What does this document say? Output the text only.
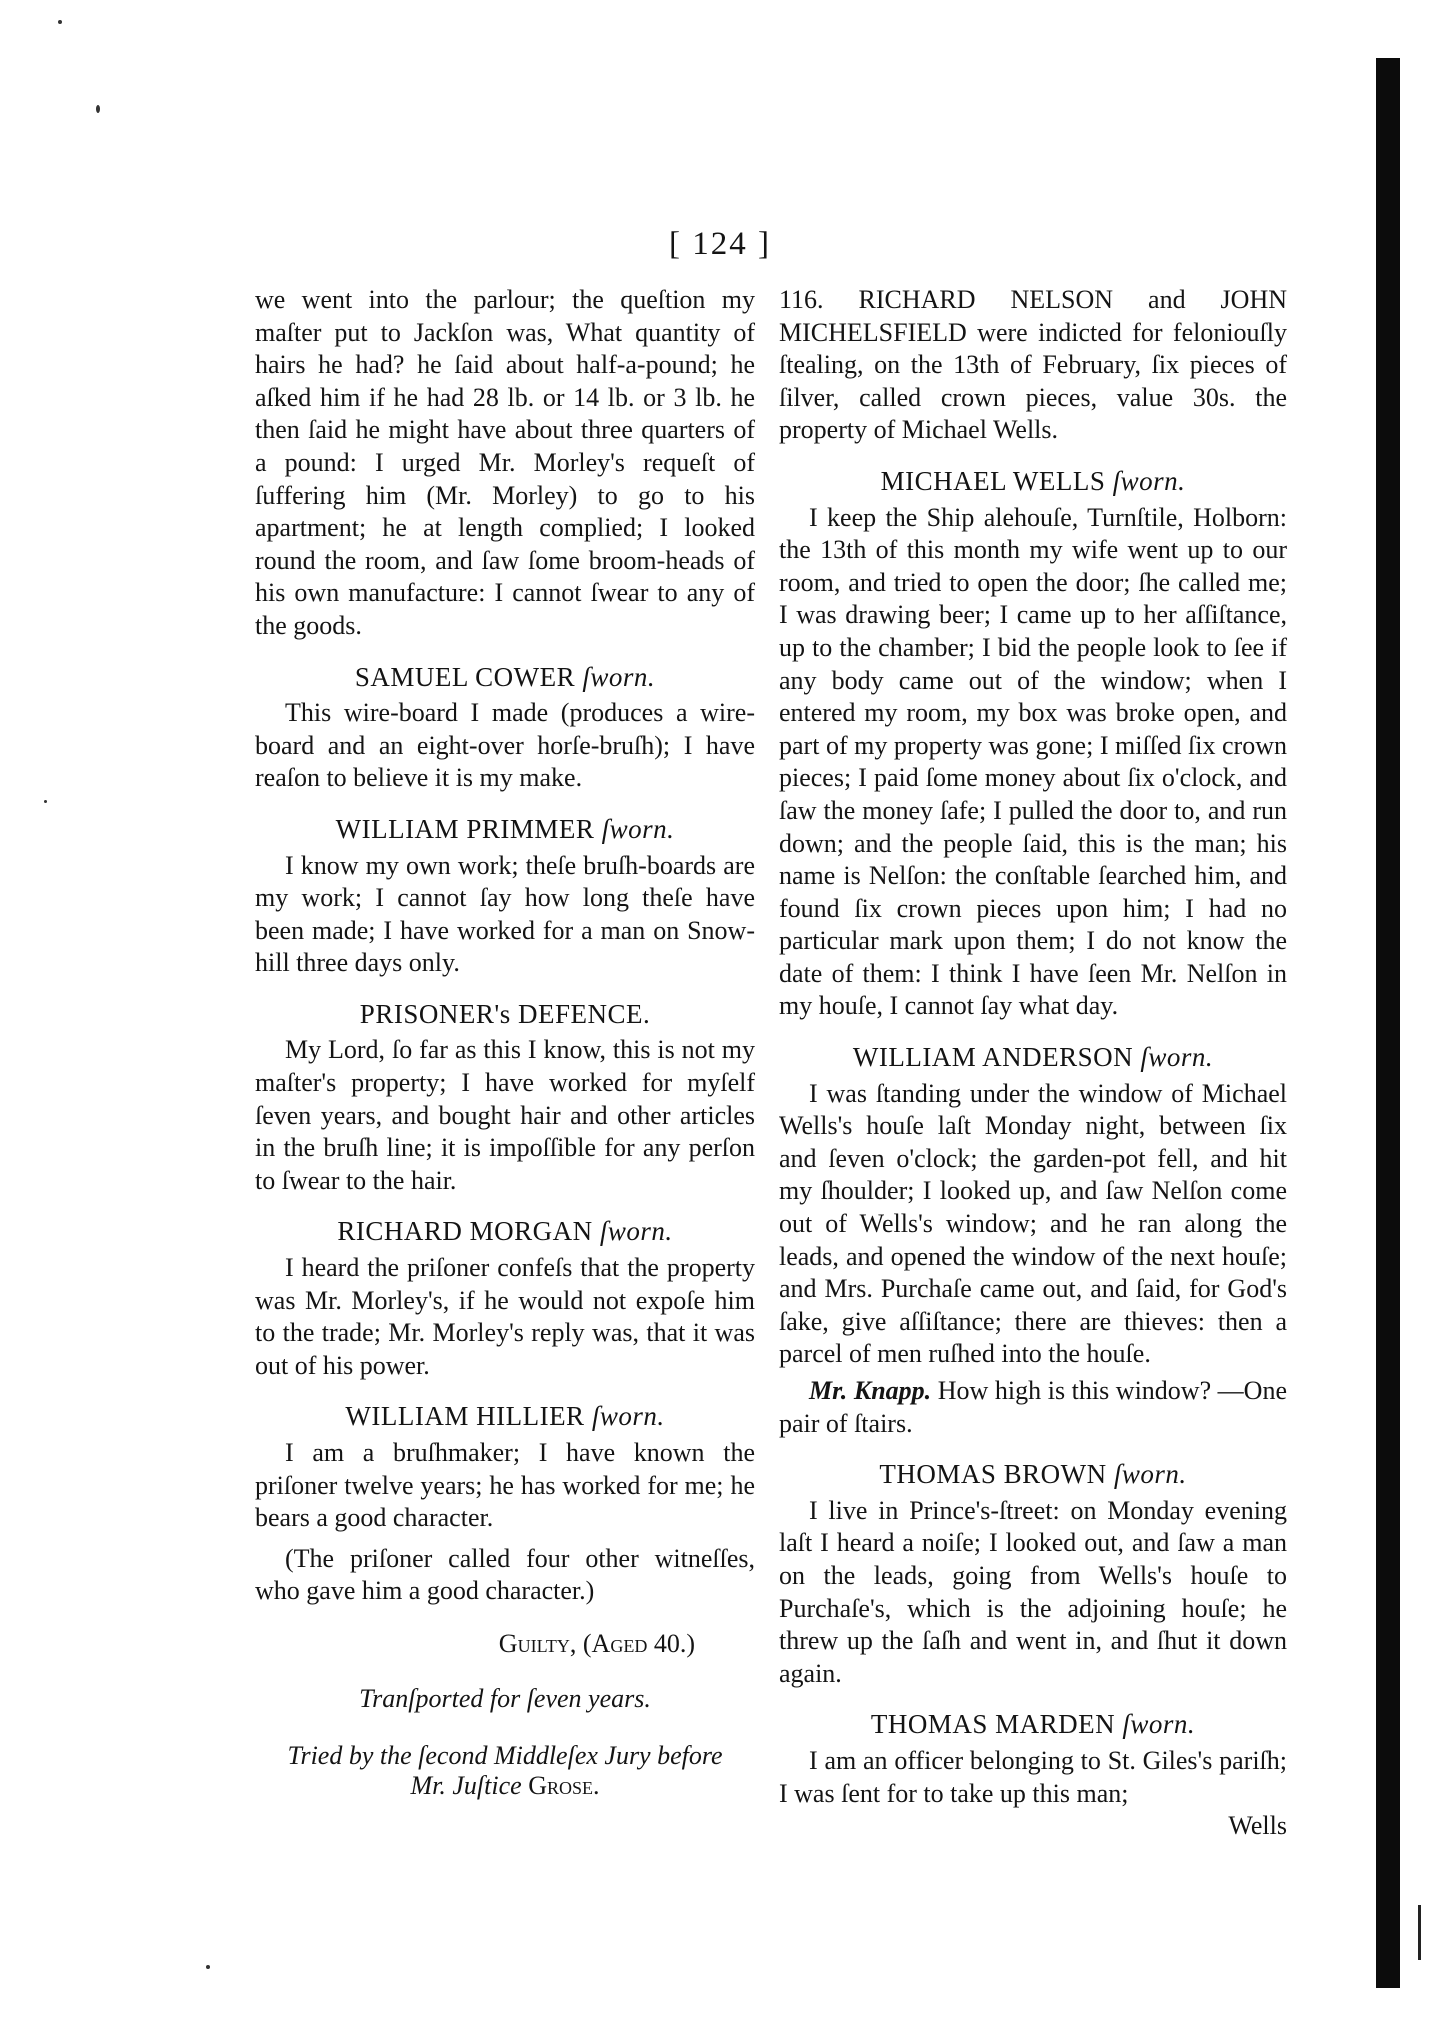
[ 124 ]

we went into the parlour; the queſtion my maſter put to Jackſon was, What quantity of hairs he had? he ſaid about half-a-pound; he aſked him if he had 28 lb. or 14 lb. or 3 lb. he then ſaid he might have about three quarters of a pound: I urged Mr. Morley's requeſt of ſuffering him (Mr. Morley) to go to his apartment; he at length complied; I looked round the room, and ſaw ſome broom-heads of his own manufacture: I cannot ſwear to any of the goods.

SAMUEL COWER ſworn.

This wire-board I made (produces a wire-board and an eight-over horſe-bruſh); I have reaſon to believe it is my make.

WILLIAM PRIMMER ſworn.

I know my own work; theſe bruſh-boards are my work; I cannot ſay how long theſe have been made; I have worked for a man on Snow-hill three days only.

PRISONER's DEFENCE.

My Lord, ſo far as this I know, this is not my maſter's property; I have worked for myſelf ſeven years, and bought hair and other articles in the bruſh line; it is impoſſible for any perſon to ſwear to the hair.

RICHARD MORGAN ſworn.

I heard the priſoner confeſs that the property was Mr. Morley's, if he would not expoſe him to the trade; Mr. Morley's reply was, that it was out of his power.

WILLIAM HILLIER ſworn.

I am a bruſhmaker; I have known the priſoner twelve years; he has worked for me; he bears a good character.

(The priſoner called four other witneſſes, who gave him a good character.)

Guilty, (Aged 40.)
Tranſported for ſeven years.
Tried by the ſecond Middleſex Jury before
Mr. Juſtice Grose.

116. RICHARD NELSON and JOHN MICHELSFIELD were indicted for feloniouſly ſtealing, on the 13th of February, ſix pieces of ſilver, called crown pieces, value 30s. the property of Michael Wells.

MICHAEL WELLS ſworn.

I keep the Ship alehouſe, Turnſtile, Holborn: the 13th of this month my wife went up to our room, and tried to open the door; ſhe called me; I was drawing beer; I came up to her aſſiſtance, up to the chamber; I bid the people look to ſee if any body came out of the window; when I entered my room, my box was broke open, and part of my property was gone; I miſſed ſix crown pieces; I paid ſome money about ſix o'clock, and ſaw the money ſafe; I pulled the door to, and run down; and the people ſaid, this is the man; his name is Nelſon: the conſtable ſearched him, and found ſix crown pieces upon him; I had no particular mark upon them; I do not know the date of them: I think I have ſeen Mr. Nelſon in my houſe, I cannot ſay what day.

WILLIAM ANDERSON ſworn.

I was ſtanding under the window of Michael Wells's houſe laſt Monday night, between ſix and ſeven o'clock; the garden-pot fell, and hit my ſhoulder; I looked up, and ſaw Nelſon come out of Wells's window; and he ran along the leads, and opened the window of the next houſe; and Mrs. Purchaſe came out, and ſaid, for God's ſake, give aſſiſtance; there are thieves: then a parcel of men ruſhed into the houſe.

Mr. Knapp. How high is this window? —One pair of ſtairs.

THOMAS BROWN ſworn.

I live in Prince's-ſtreet: on Monday evening laſt I heard a noiſe; I looked out, and ſaw a man on the leads, going from Wells's houſe to Purchaſe's, which is the adjoining houſe; he threw up the ſaſh and went in, and ſhut it down again.

THOMAS MARDEN ſworn.

I am an officer belonging to St. Giles's pariſh; I was ſent for to take up this man;

Wells
